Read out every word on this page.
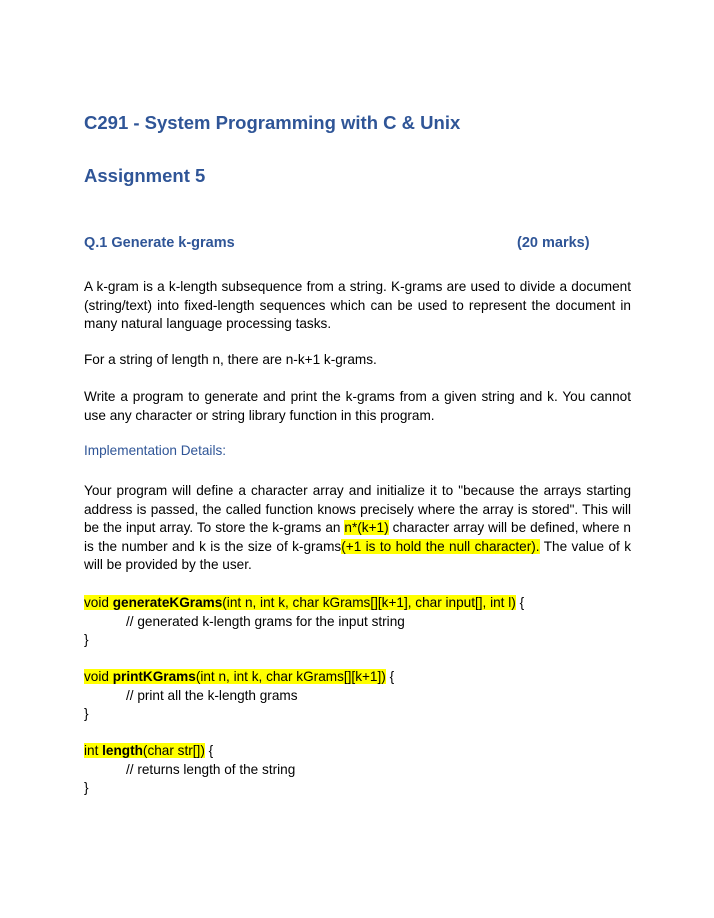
C291 - System Programming with C & Unix
Assignment 5
Q.1 Generate k-grams	(20 marks)
A k-gram is a k-length subsequence from a string. K-grams are used to divide a document (string/text) into fixed-length sequences which can be used to represent the document in many natural language processing tasks.
For a string of length n, there are n-k+1 k-grams.
Write a program to generate and print the k-grams from a given string and k. You cannot use any character or string library function in this program.
Implementation Details:
Your program will define a character array and initialize it to "because the arrays starting address is passed, the called function knows precisely where the array is stored". This will be the input array. To store the k-grams an n*(k+1) character array will be defined, where n is the number and k is the size of k-grams(+1 is to hold the null character). The value of k will be provided by the user.
void generateKGrams(int n, int k, char kGrams[][k+1], char input[], int l) {
// generated k-length grams for the input string
}
void printKGrams(int n, int k, char kGrams[][k+1]) {
// print all the k-length grams
}
int length(char str[]) {
// returns length of the string
}
